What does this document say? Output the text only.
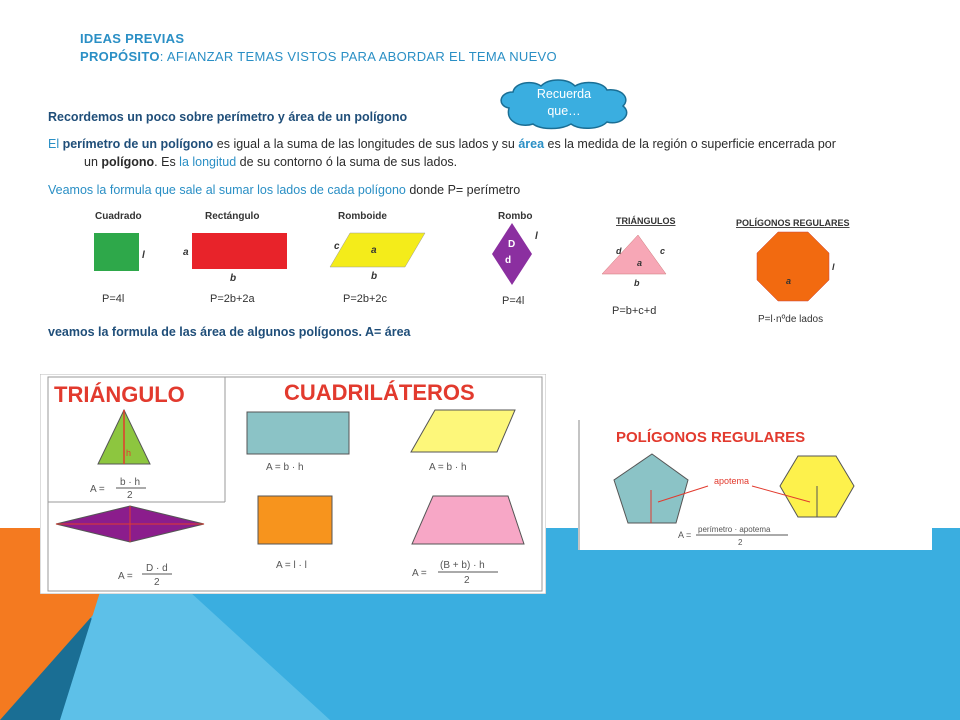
IDEAS PREVIAS
PROPÓSITO: AFIANZAR TEMAS VISTOS PARA ABORDAR EL TEMA NUEVO
Recuerda
que…
Recordemos un poco sobre perímetro y área de un polígono
El perímetro de un polígono es igual a la suma de las longitudes de sus lados y su área es la medida de la región o superficie encerrada por
un polígono. Es la longitud de su contorno ó la suma de sus lados.
Veamos la formula que sale al sumar los lados de cada polígono donde P= perímetro
veamos la formula de las área de algunos polígonos. A= área
Cuadrado
l
P=4l
Rectángulo
a
b
P=2b+2a
Romboide
c	a
b
P=2b+2c
Rombo
l
D
d
P=4l
TRIÁNGULOS
d	c
a
b
P=b+c+d
POLÍGONOS REGULARES
l
a
P=l·nºde lados
TRIÁNGULO	CUADRILÁTEROS
h
A =
b · h
2
A = b · h	A = b · h
A =
D · d
2
A = l · l
A =
(B + b) · h
2
POLÍGONOS REGULARES
apotema
A =
perímetro · apotema
2
